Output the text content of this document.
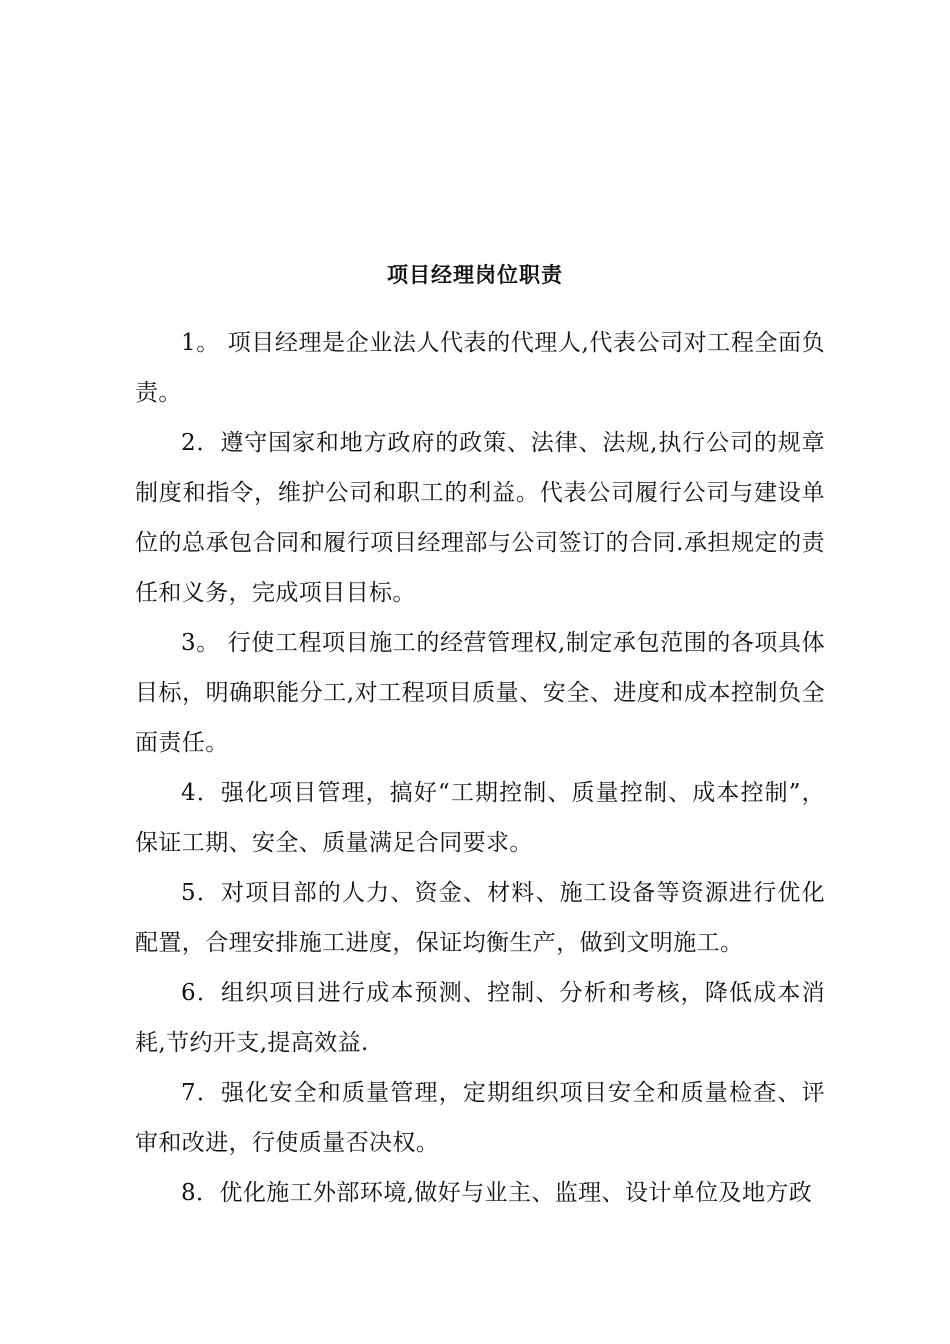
项目经理岗位职责

1。 项目经理是企业法人代表的代理人,代表公司对工程全面负责。

2．遵守国家和地方政府的政策、法律、法规,执行公司的规章制度和指令，维护公司和职工的利益。代表公司履行公司与建设单位的总承包合同和履行项目经理部与公司签订的合同.承担规定的责任和义务，完成项目目标。

3。 行使工程项目施工的经营管理权,制定承包范围的各项具体目标，明确职能分工,对工程项目质量、安全、进度和成本控制负全面责任。

4．强化项目管理，搞好“工期控制、质量控制、成本控制”，保证工期、安全、质量满足合同要求。

5．对项目部的人力、资金、材料、施工设备等资源进行优化配置，合理安排施工进度，保证均衡生产，做到文明施工。

6．组织项目进行成本预测、控制、分析和考核，降低成本消耗,节约开支,提高效益.

7．强化安全和质量管理，定期组织项目安全和质量检查、评审和改进，行使质量否决权。

8．优化施工外部环境,做好与业主、监理、设计单位及地方政
